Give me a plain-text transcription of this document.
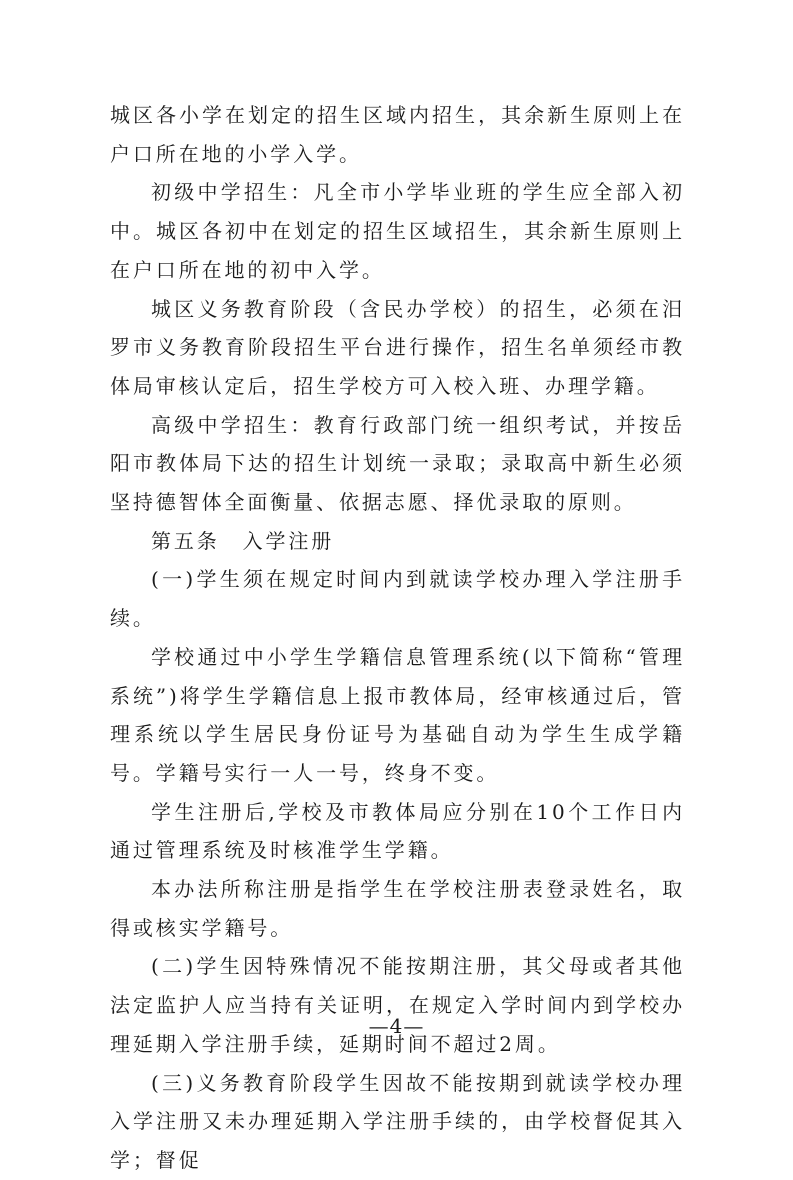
城区各小学在划定的招生区域内招生，其余新生原则上在户口所在地的小学入学。

初级中学招生：凡全市小学毕业班的学生应全部入初中。城区各初中在划定的招生区域招生，其余新生原则上在户口所在地的初中入学。

城区义务教育阶段（含民办学校）的招生，必须在汨罗市义务教育阶段招生平台进行操作，招生名单须经市教体局审核认定后，招生学校方可入校入班、办理学籍。

高级中学招生：教育行政部门统一组织考试，并按岳阳市教体局下达的招生计划统一录取；录取高中新生必须坚持德智体全面衡量、依据志愿、择优录取的原则。

第五条　入学注册

(一)学生须在规定时间内到就读学校办理入学注册手续。

学校通过中小学生学籍信息管理系统(以下简称“管理系统”)将学生学籍信息上报市教体局，经审核通过后，管理系统以学生居民身份证号为基础自动为学生生成学籍号。学籍号实行一人一号，终身不变。

学生注册后,学校及市教体局应分别在10个工作日内通过管理系统及时核准学生学籍。

本办法所称注册是指学生在学校注册表登录姓名，取得或核实学籍号。

(二)学生因特殊情况不能按期注册，其父母或者其他法定监护人应当持有关证明，在规定入学时间内到学校办理延期入学注册手续，延期时间不超过2周。

(三)义务教育阶段学生因故不能按期到就读学校办理入学注册又未办理延期入学注册手续的，由学校督促其入学；督促

—4—
